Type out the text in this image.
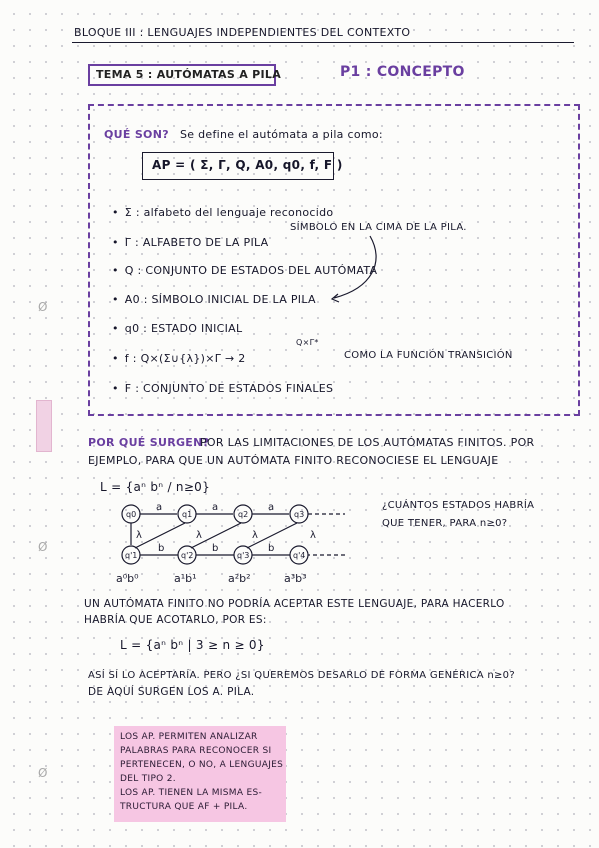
Ø
Ø
Ø
BLOQUE III : LENGUAJES INDEPENDIENTES DEL CONTEXTO
TEMA 5 : AUTÓMATAS A PILA	P1 : CONCEPTO
QUÉ SON? Se define el autómata a pila como:
AP = ( Σ, Γ, Q, A0, q0, f, F )
• Σ : alfabeto del lenguaje reconocido
• Γ : ALFABETO DE LA PILA
• Q : CONJUNTO DE ESTADOS DEL AUTÓMATA
• A0 : SÍMBOLO INICIAL DE LA PILA
• q0 : ESTADO INICIAL
• f : Q×(Σ∪{λ})×Γ → 2
Q×Γ*
COMO LA FUNCIÓN TRANSICIÓN
• F : CONJUNTO DE ESTADOS FINALES
SÍMBOLO EN LA CIMA DE LA PILA.
POR QUÉ SURGEN?
POR LAS LIMITACIONES DE LOS AUTÓMATAS FINITOS. POR
EJEMPLO, PARA QUE UN AUTÓMATA FINITO RECONOCIESE EL LENGUAJE
L = {aⁿ bⁿ / n≥0}
q0	q1	q2	q3
q'1	q'2	q'3	q'4
a	a	a
λ	λ	λ	λ
b	b	b
a⁰b⁰	a¹b¹	a²b²	a³b³
¿CUÁNTOS ESTADOS HABRÍA
QUE TENER, PARA n≥0?
UN AUTÓMATA FINITO NO PODRÍA ACEPTAR ESTE LENGUAJE, PARA HACERLO
HABRÍA QUE ACOTARLO, POR ES:
L = {aⁿ bⁿ | 3 ≥ n ≥ 0}
ASÍ SÍ LO ACEPTARÍA. PERO ¿SI QUEREMOS DESARLO DE FORMA GENÉRICA n≥0?
DE AQUÍ SURGEN LOS A. PILA.
LOS AP. PERMITEN ANALIZAR
PALABRAS PARA RECONOCER SI
PERTENECEN, O NO, A LENGUAJES
DEL TIPO 2.
LOS AP. TIENEN LA MISMA ES-
TRUCTURA QUE AF + PILA.
